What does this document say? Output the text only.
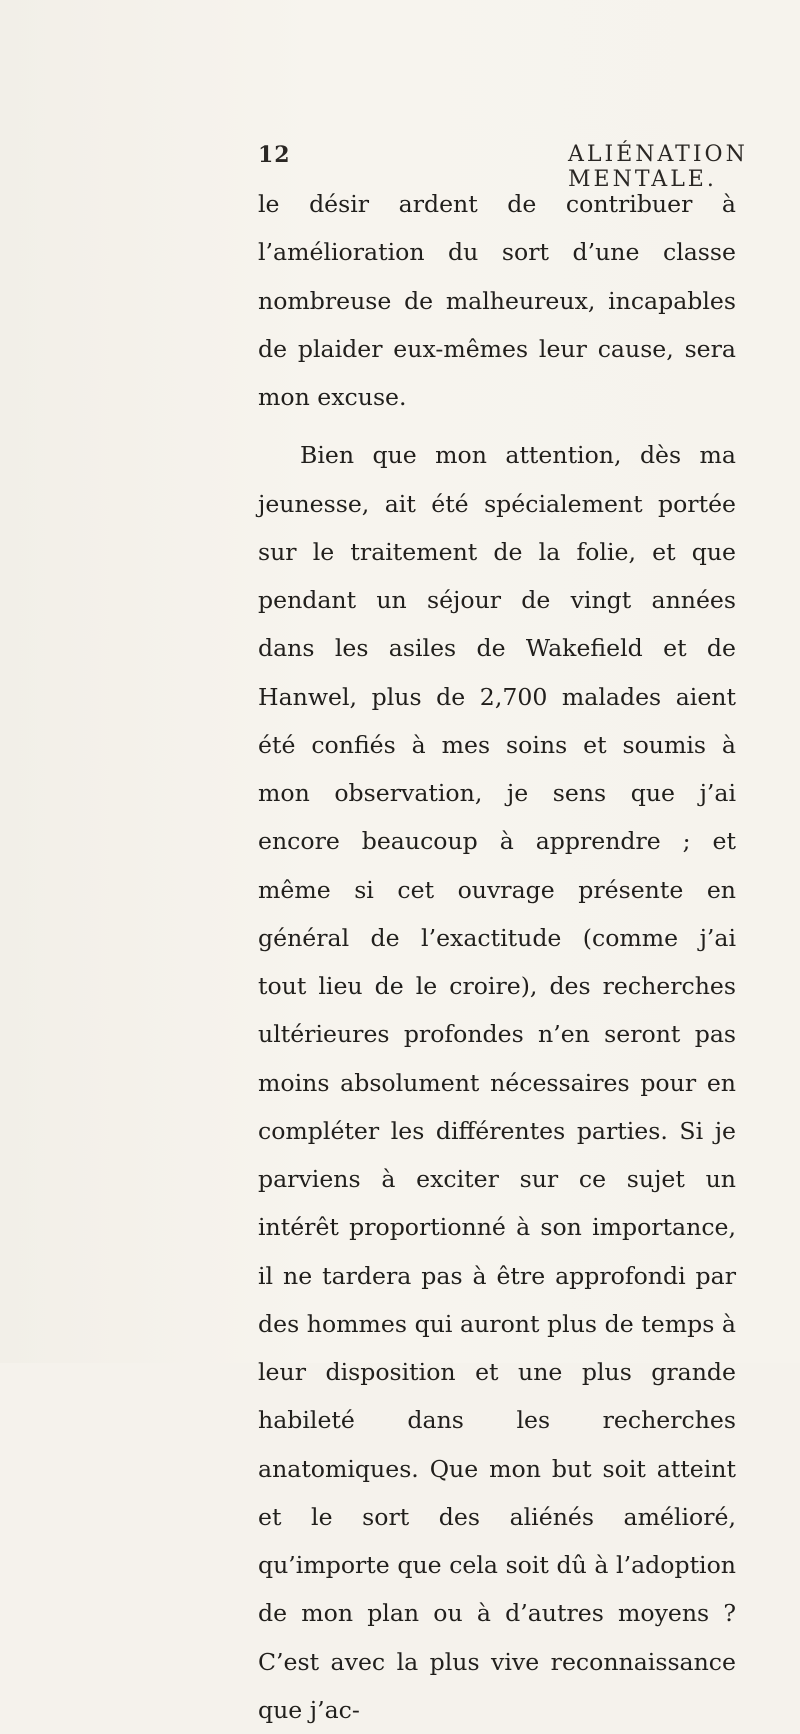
12	ALIÉNATION MENTALE.

le désir ardent de contribuer à l’amélioration du sort d’une classe nombreuse de malheureux, incapables de plaider eux-mêmes leur cause, sera mon excuse.

Bien que mon attention, dès ma jeunesse, ait été spécialement portée sur le traitement de la folie, et que pendant un séjour de vingt années dans les asiles de Wakefield et de Hanwel, plus de 2,700 malades aient été confiés à mes soins et soumis à mon observation, je sens que j’ai encore beaucoup à apprendre ; et même si cet ouvrage présente en général de l’exactitude (comme j’ai tout lieu de le croire), des recherches ultérieures profondes n’en seront pas moins absolument nécessaires pour en compléter les différentes parties. Si je parviens à exciter sur ce sujet un intérêt proportionné à son importance, il ne tardera pas à être approfondi par des hommes qui auront plus de temps à leur disposition et une plus grande habileté dans les recherches anatomiques. Que mon but soit atteint et le sort des aliénés amélioré, qu’importe que cela soit dû à l’adoption de mon plan ou à d’autres moyens ? C’est avec la plus vive reconnaissance que j’ac-
